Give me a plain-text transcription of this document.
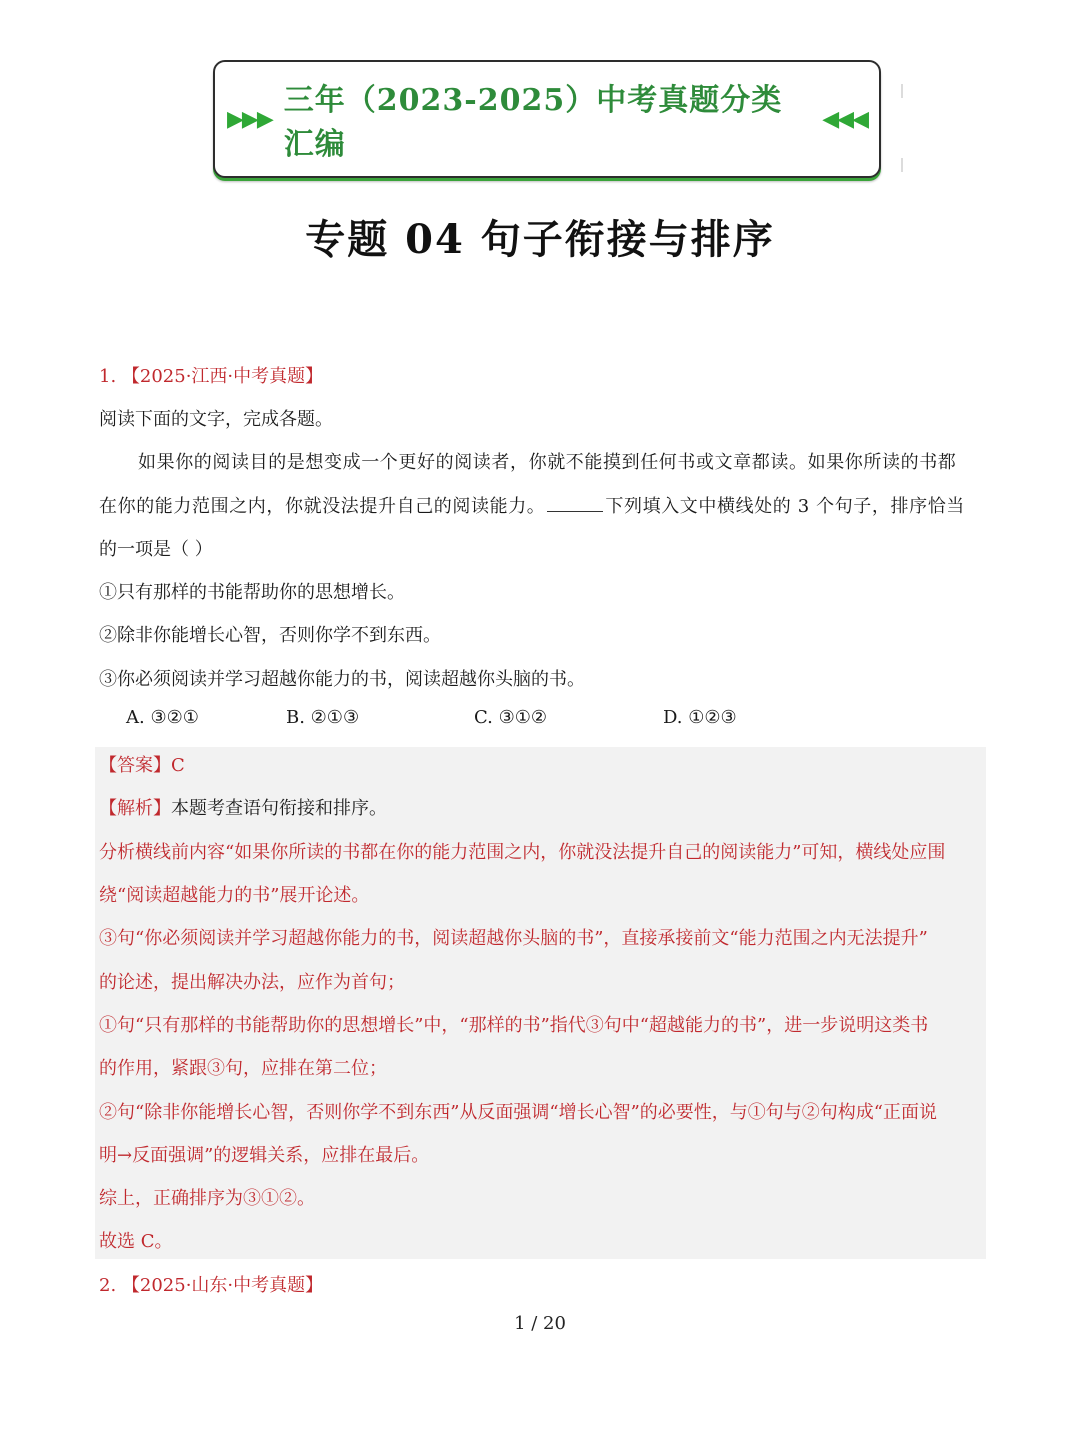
▶▶▶
三年（2023-2025）中考真题分类汇编
◀◀◀
专题 04 句子衔接与排序
1. 【2025·江西·中考真题】
阅读下面的文字，完成各题。
如果你的阅读目的是想变成一个更好的阅读者，你就不能摸到任何书或文章都读。如果你所读的书都
在你的能力范围之内，你就没法提升自己的阅读能力。	下列填入文中横线处的 3 个句子，排序恰当
的一项是（ ）
①只有那样的书能帮助你的思想增长。
②除非你能增长心智，否则你学不到东西。
③你必须阅读并学习超越你能力的书，阅读超越你头脑的书。
A. ③②①	B. ②①③	C. ③①②	D. ①②③
【答案】C
【解析】本题考查语句衔接和排序。
分析横线前内容“如果你所读的书都在你的能力范围之内，你就没法提升自己的阅读能力”可知，横线处应围
绕“阅读超越能力的书”展开论述。
③句“你必须阅读并学习超越你能力的书，阅读超越你头脑的书”，直接承接前文“能力范围之内无法提升”
的论述，提出解决办法，应作为首句；
①句“只有那样的书能帮助你的思想增长”中，“那样的书”指代③句中“超越能力的书”，进一步说明这类书
的作用，紧跟③句，应排在第二位；
②句“除非你能增长心智，否则你学不到东西”从反面强调“增长心智”的必要性，与①句与②句构成“正面说
明→反面强调”的逻辑关系，应排在最后。
综上，正确排序为③①②。
故选 C。
2. 【2025·山东·中考真题】
1 / 20
